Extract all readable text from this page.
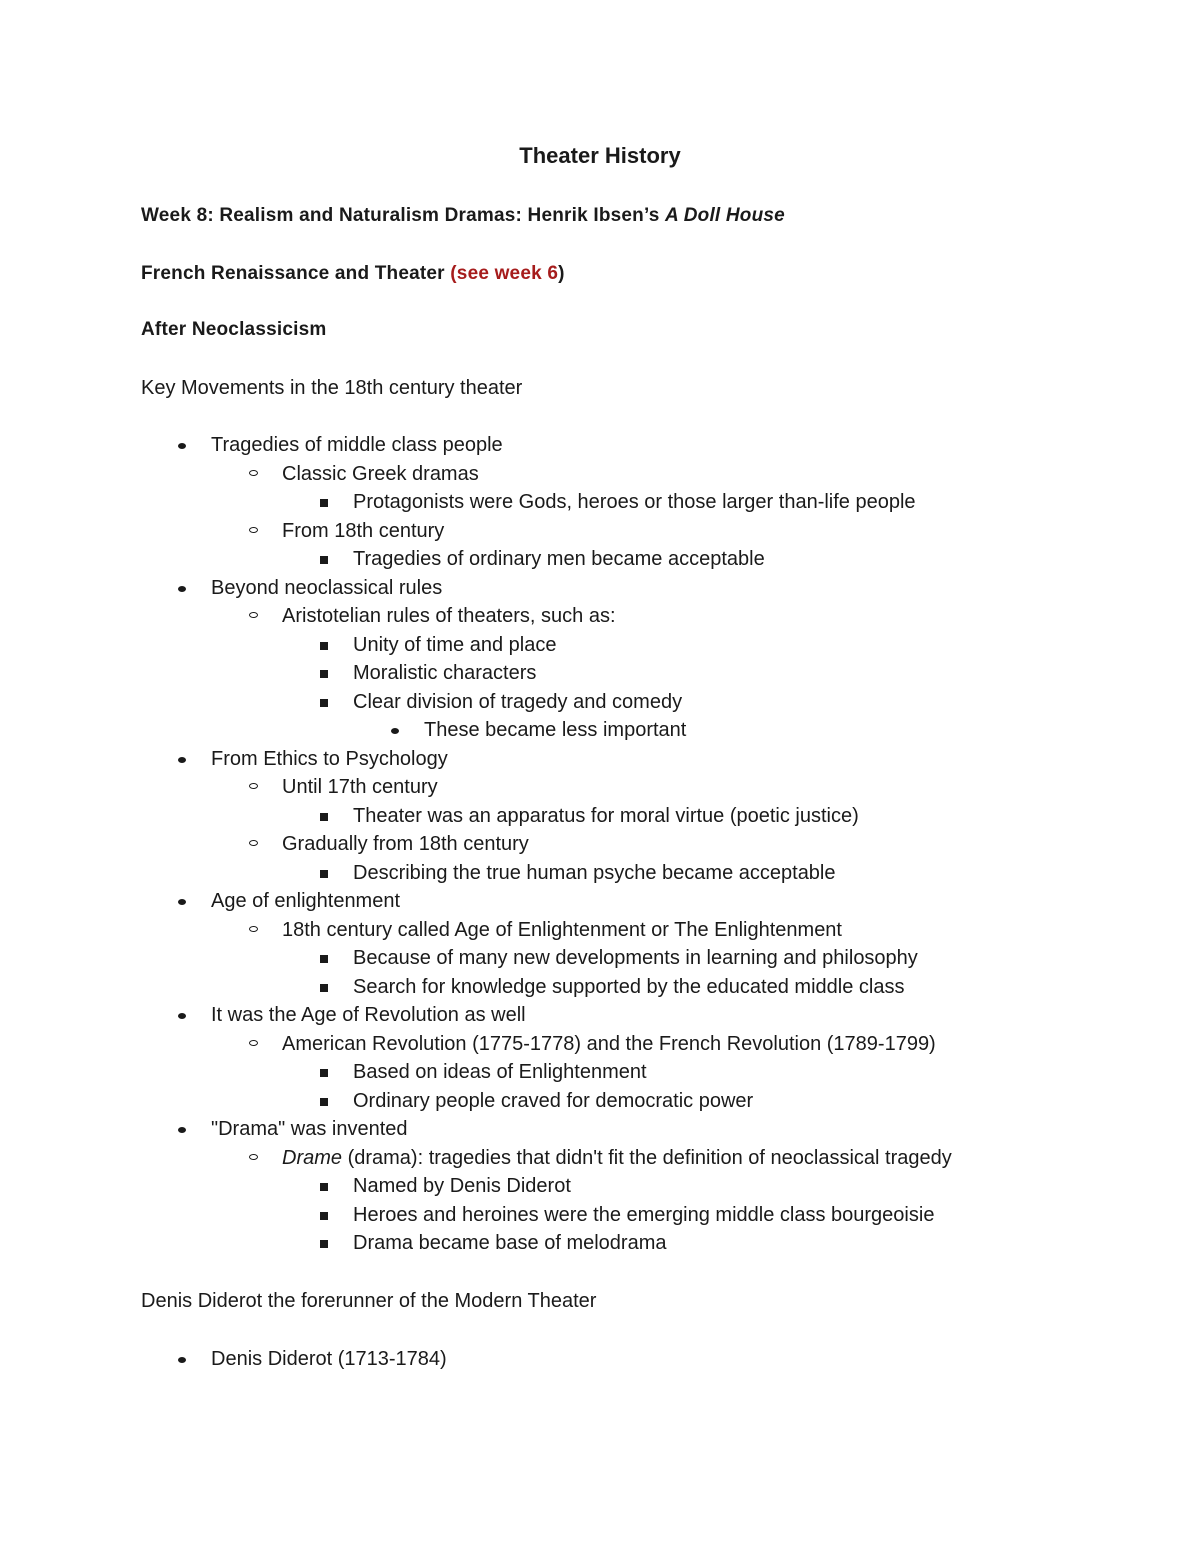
Theater History
Week 8: Realism and Naturalism Dramas: Henrik Ibsen’s A Doll House
French Renaissance and Theater (see week 6)
After Neoclassicism
Key Movements in the 18th century theater
Tragedies of middle class people
Classic Greek dramas
Protagonists were Gods, heroes or those larger than-life people
From 18th century
Tragedies of ordinary men became acceptable
Beyond neoclassical rules
Aristotelian rules of theaters, such as:
Unity of time and place
Moralistic characters
Clear division of tragedy and comedy
These became less important
From Ethics to Psychology
Until 17th century
Theater was an apparatus for moral virtue (poetic justice)
Gradually from 18th century
Describing the true human psyche became acceptable
Age of enlightenment
18th century called Age of Enlightenment or The Enlightenment
Because of many new developments in learning and philosophy
Search for knowledge supported by the educated middle class
It was the Age of Revolution as well
American Revolution (1775-1778) and the French Revolution (1789-1799)
Based on ideas of Enlightenment
Ordinary people craved for democratic power
"Drama" was invented
Drame (drama): tragedies that didn't fit the definition of neoclassical tragedy
Named by Denis Diderot
Heroes and heroines were the emerging middle class bourgeoisie
Drama became base of melodrama
Denis Diderot the forerunner of the Modern Theater
Denis Diderot (1713-1784)
